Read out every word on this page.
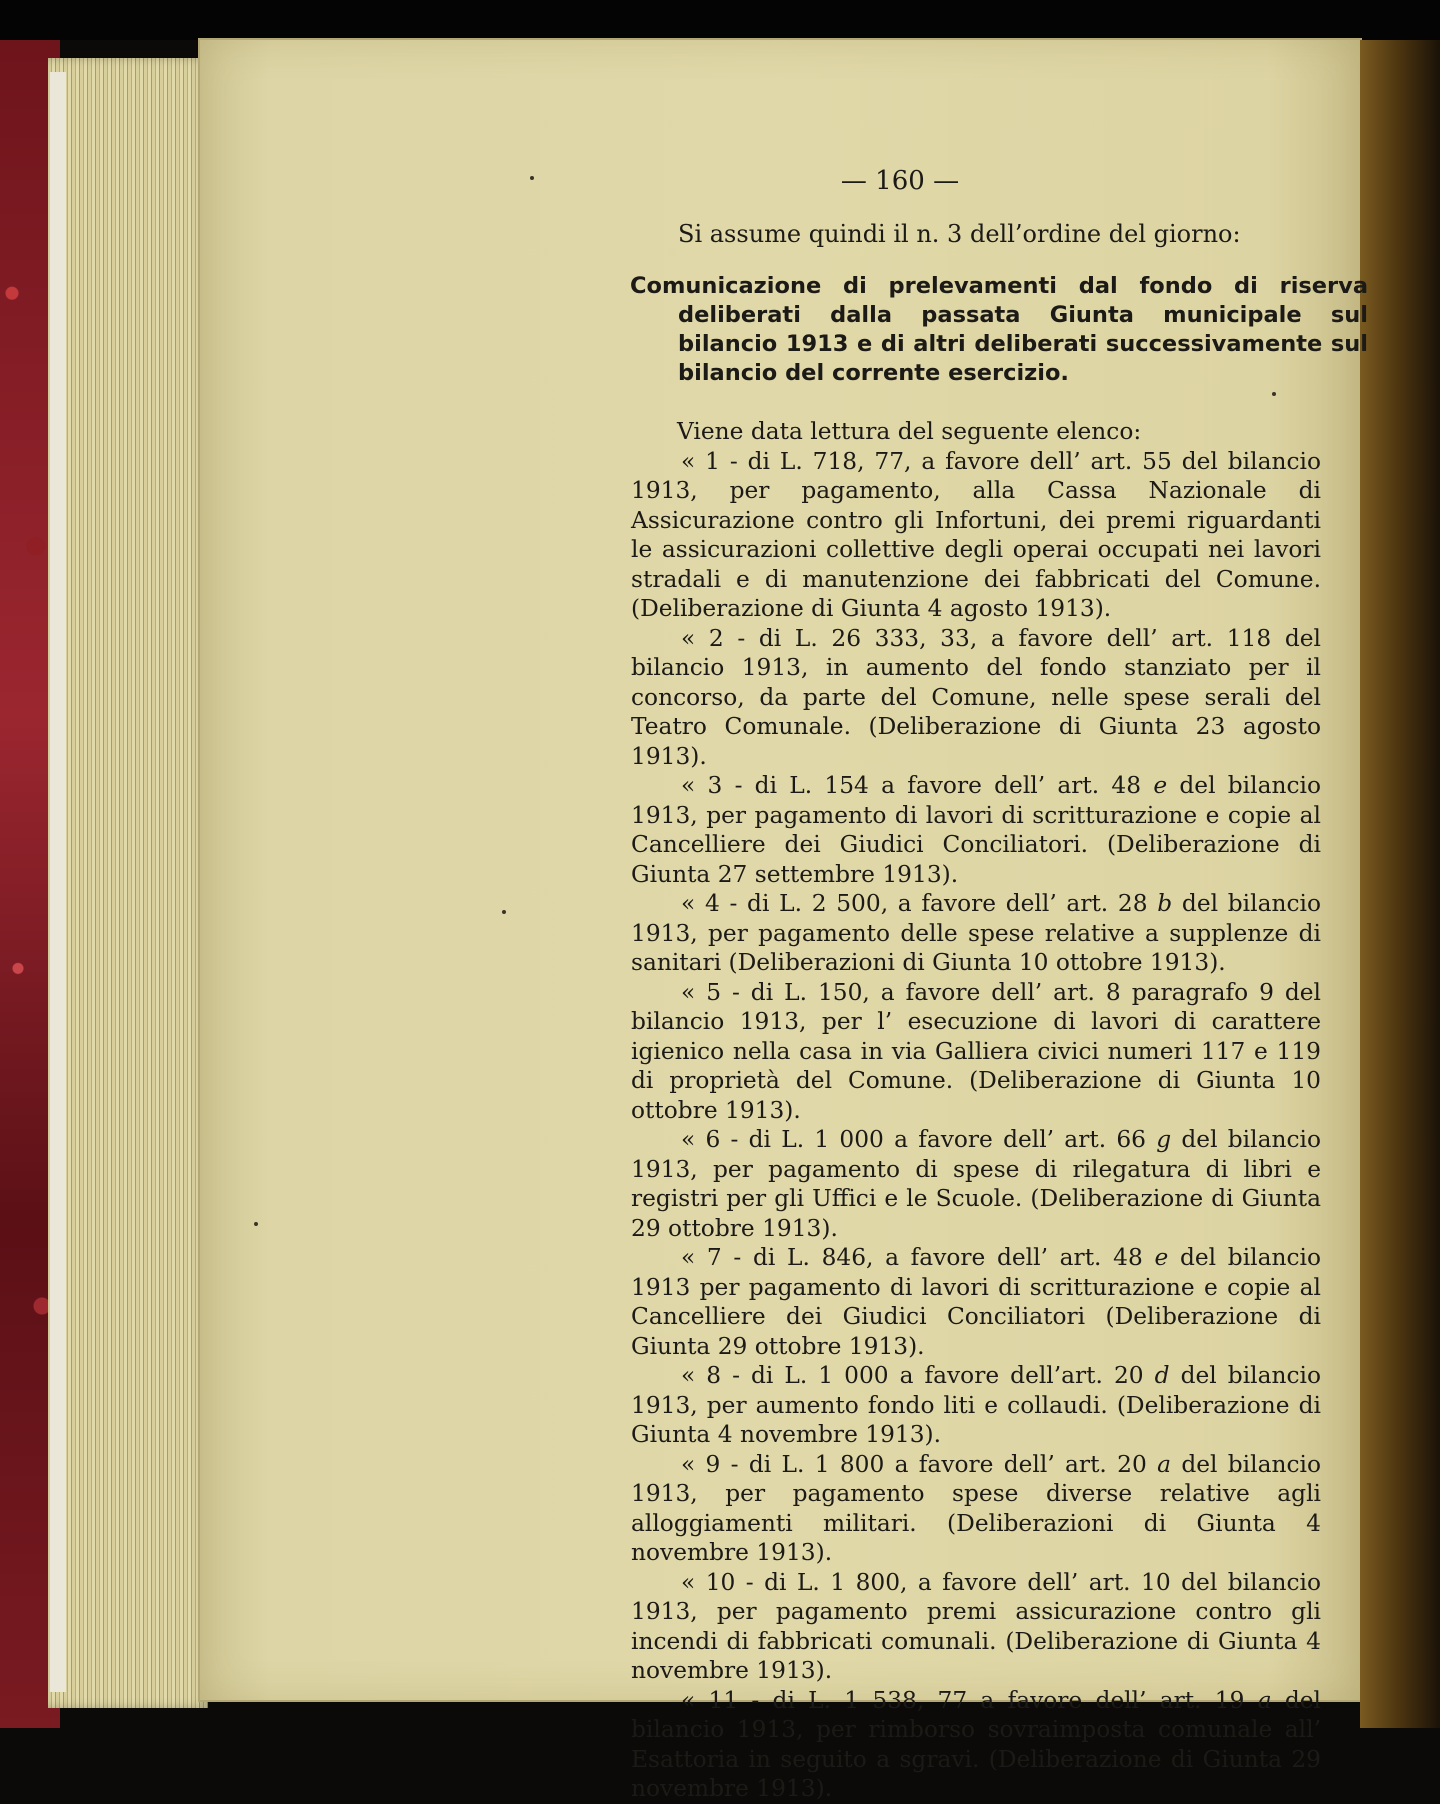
— 160 —

Si assume quindi il n. 3 dell’ordine del giorno:

Comunicazione di prelevamenti dal fondo di riserva deliberati dalla passata Giunta municipale sul bilancio 1913 e di altri deliberati successivamente sul bilancio del corrente esercizio.

Viene data lettura del seguente elenco:

« 1 - di L. 718, 77, a favore dell’ art. 55 del bilancio 1913, per pagamento, alla Cassa Nazionale di Assicurazione contro gli Infortuni, dei premi riguardanti le assicurazioni collettive degli operai occupati nei lavori stradali e di manutenzione dei fabbricati del Comune. (Deliberazione di Giunta 4 agosto 1913).

« 2 - di L. 26 333, 33, a favore dell’ art. 118 del bilancio 1913, in aumento del fondo stanziato per il concorso, da parte del Comune, nelle spese serali del Teatro Comunale. (Deliberazione di Giunta 23 agosto 1913).

« 3 - di L. 154 a favore dell’ art. 48 e del bilancio 1913, per pagamento di lavori di scritturazione e copie al Cancelliere dei Giudici Conciliatori. (Deliberazione di Giunta 27 settembre 1913).

« 4 - di L. 2 500, a favore dell’ art. 28 b del bilancio 1913, per pagamento delle spese relative a supplenze di sanitari (Deliberazioni di Giunta 10 ottobre 1913).

« 5 - di L. 150, a favore dell’ art. 8 paragrafo 9 del bilancio 1913, per l’ esecuzione di lavori di carattere igienico nella casa in via Galliera civici numeri 117 e 119 di proprietà del Comune. (Deliberazione di Giunta 10 ottobre 1913).

« 6 - di L. 1 000 a favore dell’ art. 66 g del bilancio 1913, per pagamento di spese di rilegatura di libri e registri per gli Uffici e le Scuole. (Deliberazione di Giunta 29 ottobre 1913).

« 7 - di L. 846, a favore dell’ art. 48 e del bilancio 1913 per pagamento di lavori di scritturazione e copie al Cancelliere dei Giudici Conciliatori (Deliberazione di Giunta 29 ottobre 1913).

« 8 - di L. 1 000 a favore dell’art. 20 d del bilancio 1913, per aumento fondo liti e collaudi. (Deliberazione di Giunta 4 novembre 1913).

« 9 - di L. 1 800 a favore dell’ art. 20 a del bilancio 1913, per pagamento spese diverse relative agli alloggiamenti militari. (Deliberazioni di Giunta 4 novembre 1913).

« 10 - di L. 1 800, a favore dell’ art. 10 del bilancio 1913, per pagamento premi assicurazione contro gli incendi di fabbricati comunali. (Deliberazione di Giunta 4 novembre 1913).

« 11 - di L. 1 538, 77 a favore dell’ art. 19 a del bilancio 1913, per rimborso sovraimposta comunale all’ Esattoria in seguito a sgravi. (Deliberazione di Giunta 29 novembre 1913).
